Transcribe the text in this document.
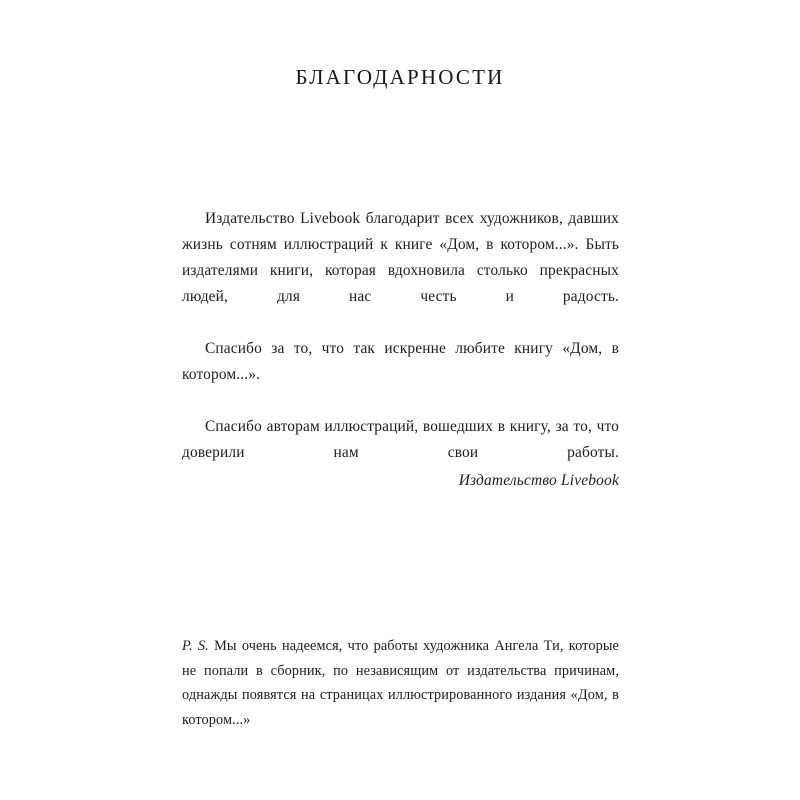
БЛАГОДАРНОСТИ

Издательство Livebook благодарит всех художников, давших жизнь сотням иллюстраций к книге «Дом, в котором...». Быть издателями книги, которая вдохновила столько прекрасных людей, для нас честь и радость.

Спасибо за то, что так искренне любите книгу «Дом, в котором...».

Спасибо авторам иллюстраций, вошедших в книгу, за то, что доверили нам свои работы.

Издательство Livebook

P. S. Мы очень надеемся, что работы художника Ангела Ти, которые не попали в сборник, по независящим от издательства причинам, однажды появятся на страницах иллюстрированного издания «Дом, в котором...»
